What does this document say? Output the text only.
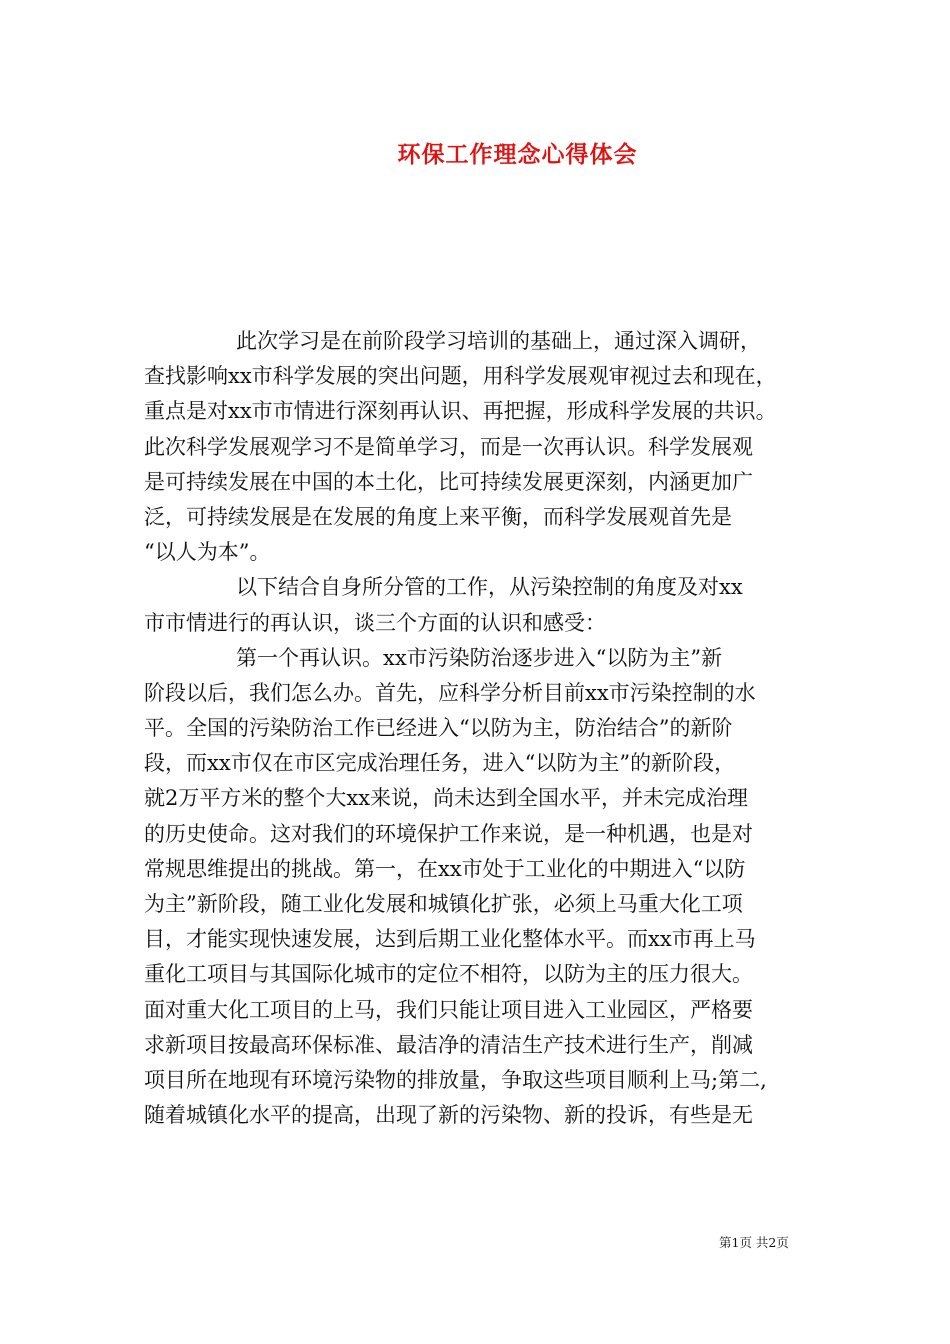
环保工作理念心得体会
此次学习是在前阶段学习培训的基础上，通过深入调研，
查找影响xx市科学发展的突出问题，用科学发展观审视过去和现在，
重点是对xx市市情进行深刻再认识、再把握，形成科学发展的共识。
此次科学发展观学习不是简单学习，而是一次再认识。科学发展观
是可持续发展在中国的本土化，比可持续发展更深刻，内涵更加广
泛，可持续发展是在发展的角度上来平衡，而科学发展观首先是
“以人为本”。
以下结合自身所分管的工作，从污染控制的角度及对xx
市市情进行的再认识，谈三个方面的认识和感受：
第一个再认识。xx市污染防治逐步进入“以防为主”新
阶段以后，我们怎么办。首先，应科学分析目前xx市污染控制的水
平。全国的污染防治工作已经进入“以防为主，防治结合”的新阶
段，而xx市仅在市区完成治理任务，进入“以防为主”的新阶段，
就2万平方米的整个大xx来说，尚未达到全国水平，并未完成治理
的历史使命。这对我们的环境保护工作来说，是一种机遇，也是对
常规思维提出的挑战。第一，在xx市处于工业化的中期进入“以防
为主”新阶段，随工业化发展和城镇化扩张，必须上马重大化工项
目，才能实现快速发展，达到后期工业化整体水平。而xx市再上马
重化工项目与其国际化城市的定位不相符，以防为主的压力很大。
面对重大化工项目的上马，我们只能让项目进入工业园区，严格要
求新项目按最高环保标准、最洁净的清洁生产技术进行生产，削减
项目所在地现有环境污染物的排放量，争取这些项目顺利上马;第二,
随着城镇化水平的提高，出现了新的污染物、新的投诉，有些是无
第1页 共2页
